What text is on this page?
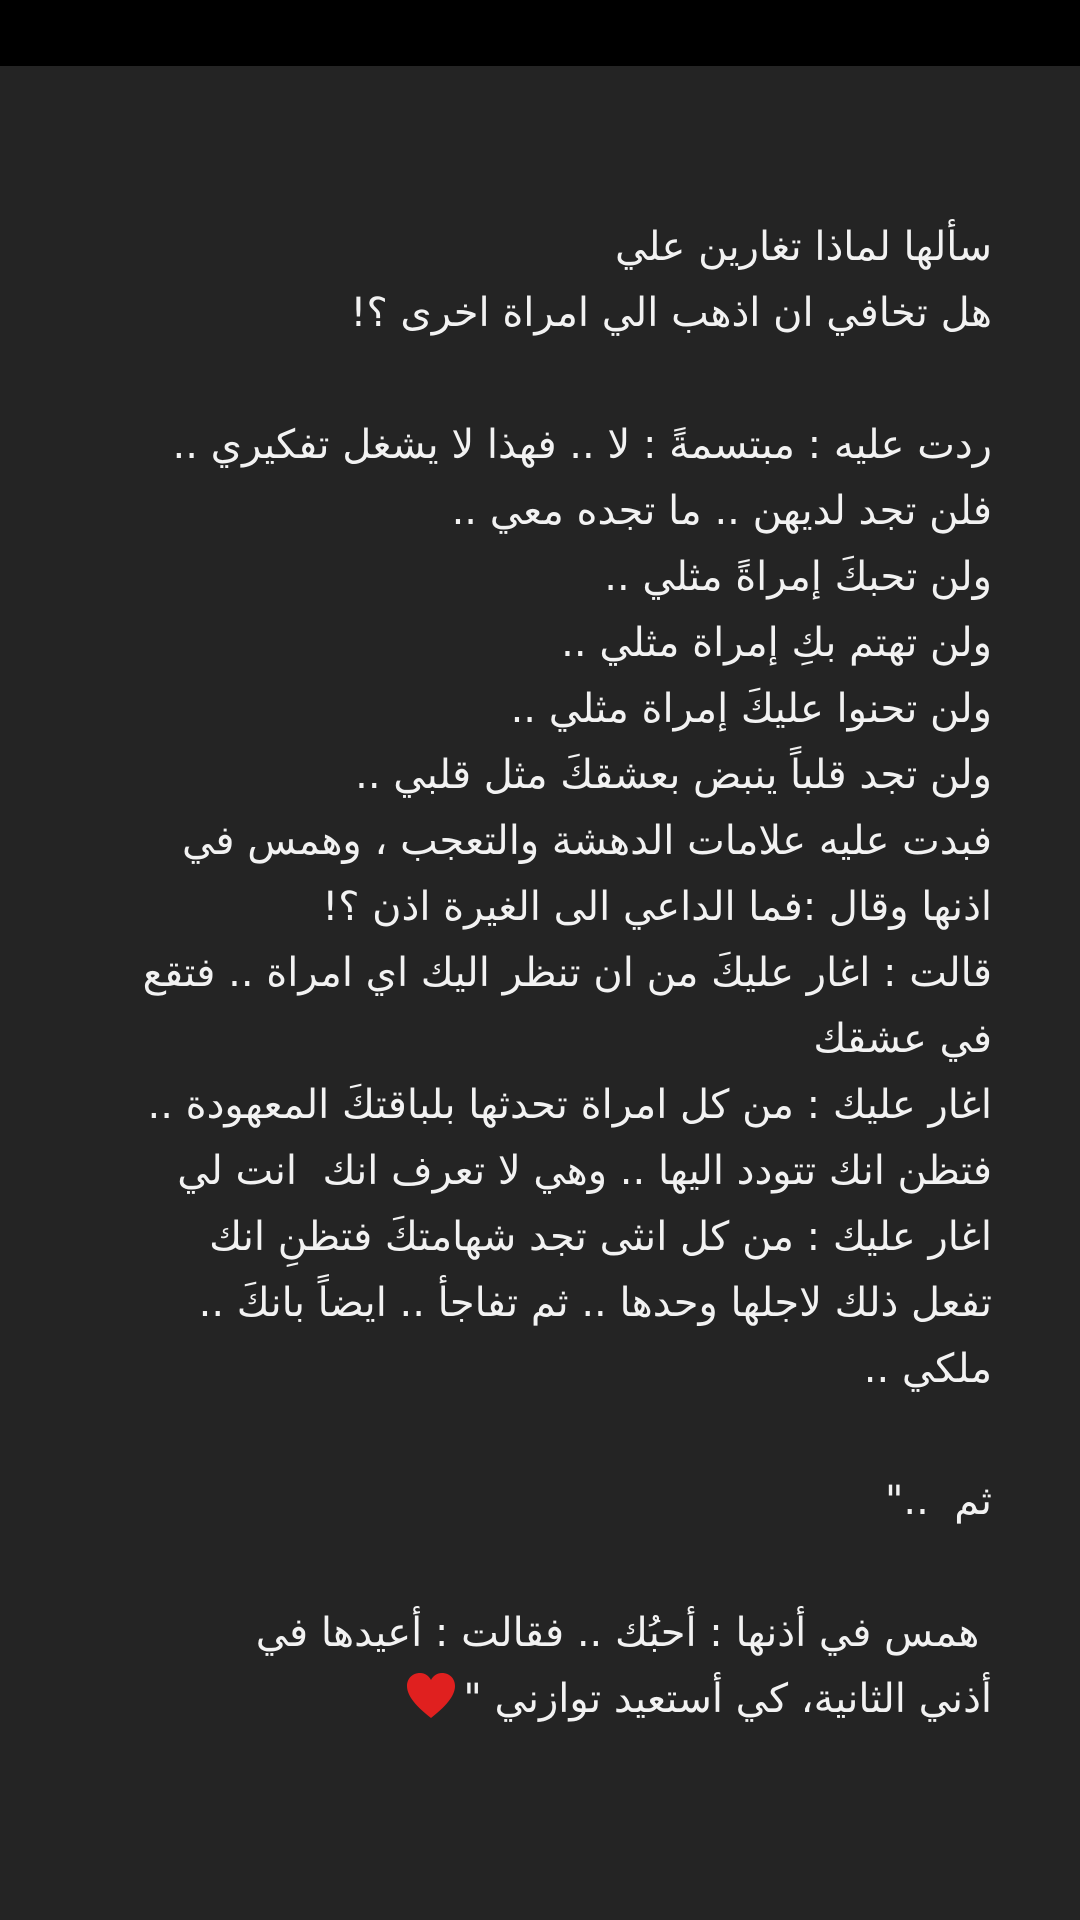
سألها لماذا تغارين علي
هل تخافي ان اذهب الي امراة اخرى ؟!
ردت عليه : مبتسمةً : لا .. فهذا لا يشغل تفكيري ..
فلن تجد لديهن .. ما تجده معي ..
ولن تحبكَ إمراةً مثلي ..
ولن تهتم بكِ إمراة مثلي ..
ولن تحنوا عليكَ إمراة مثلي ..
ولن تجد قلباً ينبض بعشقكَ مثل قلبي ..
فبدت عليه علامات الدهشة والتعجب ، وهمس في
اذنها وقال :فما الداعي الى الغيرة اذن ؟!
قالت : اغار عليكَ من ان تنظر اليك اي امراة .. فتقع
في عشقك
اغار عليك : من كل امراة تحدثها بلباقتكَ المعهودة ..
فتظن انك تتودد اليها .. وهي لا تعرف انك  انت لي
اغار عليك : من كل انثى تجد شهامتكَ فتظنِ انك
تفعل ذلك لاجلها وحدها .. ثم تفاجأ .. ايضاً بانكَ ..
ملكي ..
ثم  .."
همس في أذنها : أحبُك .. فقالت : أعيدها في
أذني الثانية، كي أستعيد توازني "
